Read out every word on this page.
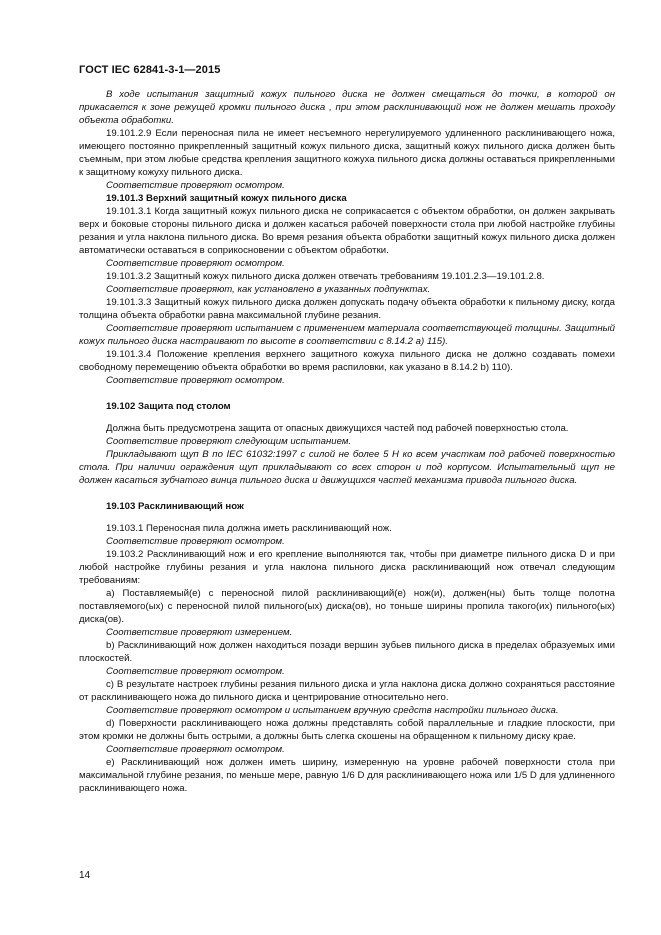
ГОСТ IEC 62841-3-1—2015

В ходе испытания защитный кожух пильного диска не должен смещаться до точки, в которой он прикасается к зоне режущей кромки пильного диска , при этом расклинивающий нож не должен мешать проходу объекта обработки.

19.101.2.9 Если переносная пила не имеет несъемного нерегулируемого удлиненного расклинивающего ножа, имеющего постоянно прикрепленный защитный кожух пильного диска, защитный кожух пильного диска должен быть съемным, при этом любые средства крепления защитного кожуха пильного диска должны оставаться прикрепленными к защитному кожуху пильного диска.

Соответствие проверяют осмотром.

19.101.3 Верхний защитный кожух пильного диска

19.101.3.1 Когда защитный кожух пильного диска не соприкасается с объектом обработки, он должен закрывать верх и боковые стороны пильного диска и должен касаться рабочей поверхности стола при любой настройке глубины резания и угла наклона пильного диска. Во время резания объекта обработки защитный кожух пильного диска должен автоматически оставаться в соприкосновении с объектом обработки.

Соответствие проверяют осмотром.

19.101.3.2 Защитный кожух пильного диска должен отвечать требованиям 19.101.2.3—19.101.2.8.

Соответствие проверяют, как установлено в указанных подпунктах.

19.101.3.3 Защитный кожух пильного диска должен допускать подачу объекта обработки к пильному диску, когда толщина объекта обработки равна максимальной глубине резания.

Соответствие проверяют испытанием с применением материала соответствующей толщины. Защитный кожух пильного диска настраивают по высоте в соответствии с 8.14.2 а) 115).

19.101.3.4 Положение крепления верхнего защитного кожуха пильного диска не должно создавать помехи свободному перемещению объекта обработки во время распиловки, как указано в 8.14.2 b) 110).

Соответствие проверяют осмотром.

19.102 Защита под столом

Должна быть предусмотрена защита от опасных движущихся частей под рабочей поверхностью стола.

Соответствие проверяют следующим испытанием.

Прикладывают щуп В по IEC 61032:1997 с силой не более 5 Н ко всем участкам под рабочей поверхностью стола. При наличии ограждения щуп прикладывают со всех сторон и под корпусом. Испытательный щуп не должен касаться зубчатого винца пильного диска и движущихся частей механизма привода пильного диска.

19.103 Расклинивающий нож

19.103.1 Переносная пила должна иметь расклинивающий нож.

Соответствие проверяют осмотром.

19.103.2 Расклинивающий нож и его крепление выполняются так, чтобы при диаметре пильного диска D и при любой настройке глубины резания и угла наклона пильного диска расклинивающий нож отвечал следующим требованиям:

a) Поставляемый(е) с переносной пилой расклинивающий(е) нож(и), должен(ны) быть толще полотна поставляемого(ых) с переносной пилой пильного(ых) диска(ов), но тоньше ширины пропила такого(их) пильного(ых) диска(ов).

Соответствие проверяют измерением.

b) Расклинивающий нож должен находиться позади вершин зубьев пильного диска в пределах образуемых ими плоскостей.

Соответствие проверяют осмотром.

c) В результате настроек глубины резания пильного диска и угла наклона диска должно сохраняться расстояние от расклинивающего ножа до пильного диска и центрирование относительно него.

Соответствие проверяют осмотром и испытанием вручную средств настройки пильного диска.

d) Поверхности расклинивающего ножа должны представлять собой параллельные и гладкие плоскости, при этом кромки не должны быть острыми, а должны быть слегка скошены на обращенном к пильному диску крае.

Соответствие проверяют осмотром.

e) Расклинивающий нож должен иметь ширину, измеренную на уровне рабочей поверхности стола при максимальной глубине резания, по меньше мере, равную 1/6 D для расклинивающего ножа или 1/5 D для удлиненного расклинивающего ножа.

14
